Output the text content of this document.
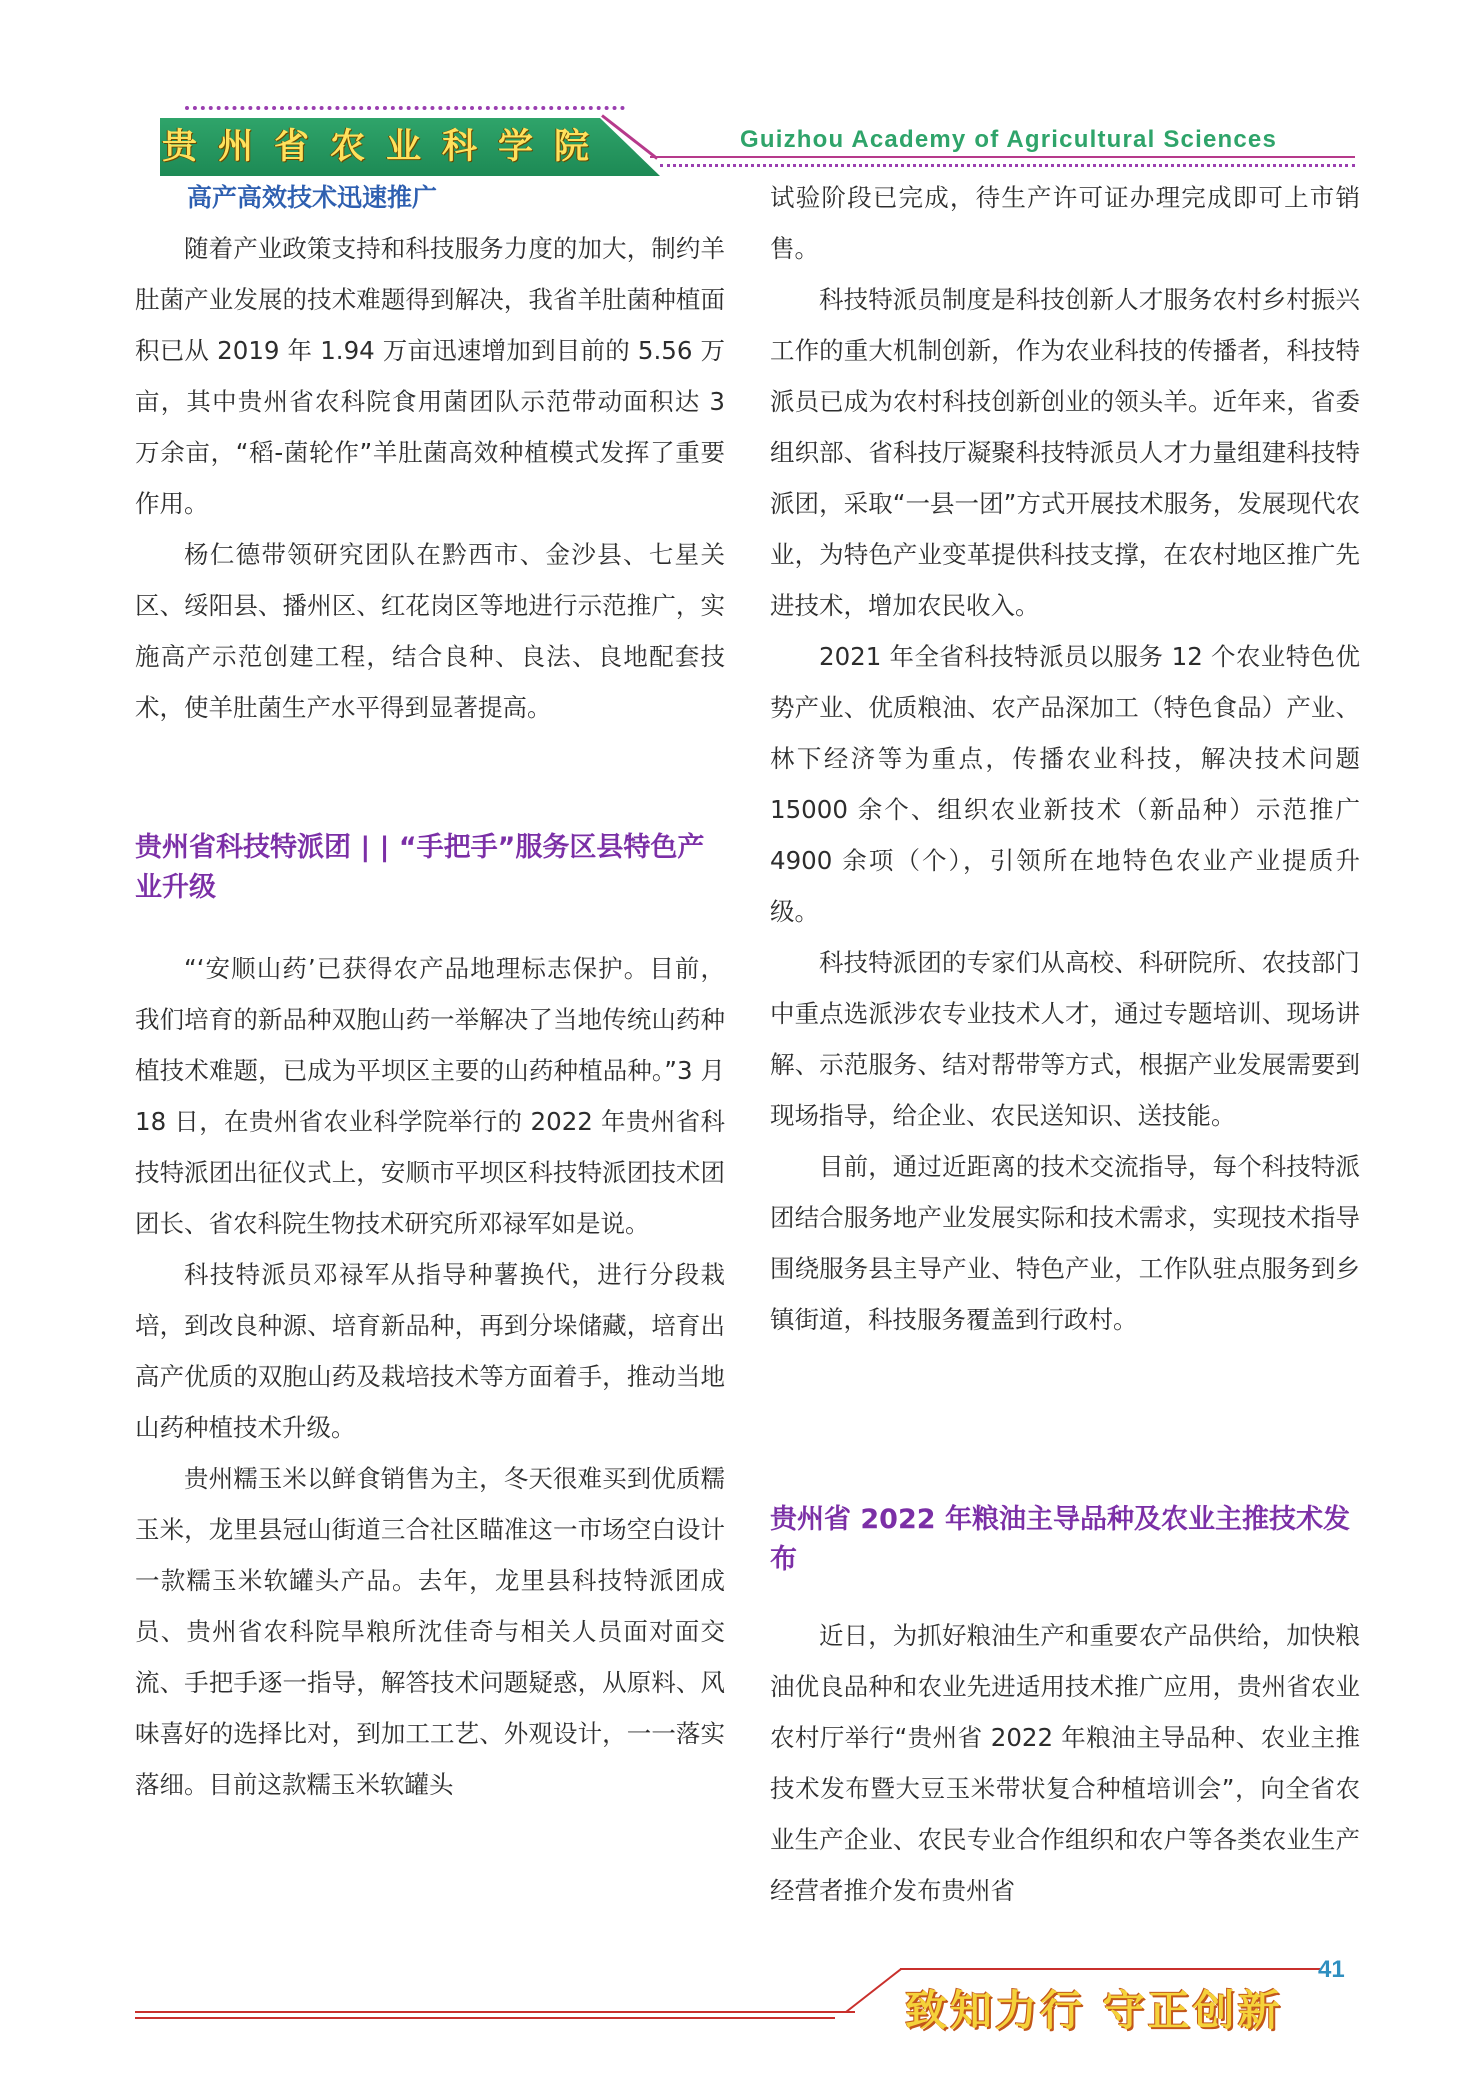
贵州省农业科学院	Guizhou Academy of Agricultural Sciences

高产高效技术迅速推广

随着产业政策支持和科技服务力度的加大，制约羊肚菌产业发展的技术难题得到解决，我省羊肚菌种植面积已从 2019 年 1.94 万亩迅速增加到目前的 5.56 万亩，其中贵州省农科院食用菌团队示范带动面积达 3 万余亩，“稻-菌轮作”羊肚菌高效种植模式发挥了重要作用。

杨仁德带领研究团队在黔西市、金沙县、七星关区、绥阳县、播州区、红花岗区等地进行示范推广，实施高产示范创建工程，结合良种、良法、良地配套技术，使羊肚菌生产水平得到显著提高。

贵州省科技特派团 | | “手把手”服务区县特色产业升级

“‘安顺山药’已获得农产品地理标志保护。目前，我们培育的新品种双胞山药一举解决了当地传统山药种植技术难题，已成为平坝区主要的山药种植品种。”3 月 18 日，在贵州省农业科学院举行的 2022 年贵州省科技特派团出征仪式上，安顺市平坝区科技特派团技术团团长、省农科院生物技术研究所邓禄军如是说。

科技特派员邓禄军从指导种薯换代，进行分段栽培，到改良种源、培育新品种，再到分垛储藏，培育出高产优质的双胞山药及栽培技术等方面着手，推动当地山药种植技术升级。

贵州糯玉米以鲜食销售为主，冬天很难买到优质糯玉米，龙里县冠山街道三合社区瞄准这一市场空白设计一款糯玉米软罐头产品。去年，龙里县科技特派团成员、贵州省农科院旱粮所沈佳奇与相关人员面对面交流、手把手逐一指导，解答技术问题疑惑，从原料、风味喜好的选择比对，到加工工艺、外观设计，一一落实落细。目前这款糯玉米软罐头

试验阶段已完成，待生产许可证办理完成即可上市销售。

科技特派员制度是科技创新人才服务农村乡村振兴工作的重大机制创新，作为农业科技的传播者，科技特派员已成为农村科技创新创业的领头羊。近年来，省委组织部、省科技厅凝聚科技特派员人才力量组建科技特派团，采取“一县一团”方式开展技术服务，发展现代农业，为特色产业变革提供科技支撑，在农村地区推广先进技术，增加农民收入。

2021 年全省科技特派员以服务 12 个农业特色优势产业、优质粮油、农产品深加工（特色食品）产业、林下经济等为重点，传播农业科技，解决技术问题 15000 余个、组织农业新技术（新品种）示范推广 4900 余项（个），引领所在地特色农业产业提质升级。

科技特派团的专家们从高校、科研院所、农技部门中重点选派涉农专业技术人才，通过专题培训、现场讲解、示范服务、结对帮带等方式，根据产业发展需要到现场指导，给企业、农民送知识、送技能。

目前，通过近距离的技术交流指导，每个科技特派团结合服务地产业发展实际和技术需求，实现技术指导围绕服务县主导产业、特色产业，工作队驻点服务到乡镇街道，科技服务覆盖到行政村。

贵州省 2022 年粮油主导品种及农业主推技术发布

近日，为抓好粮油生产和重要农产品供给，加快粮油优良品种和农业先进适用技术推广应用，贵州省农业农村厅举行“贵州省 2022 年粮油主导品种、农业主推技术发布暨大豆玉米带状复合种植培训会”，向全省农业生产企业、农民专业合作组织和农户等各类农业生产经营者推介发布贵州省

41
致知力行 守正创新
